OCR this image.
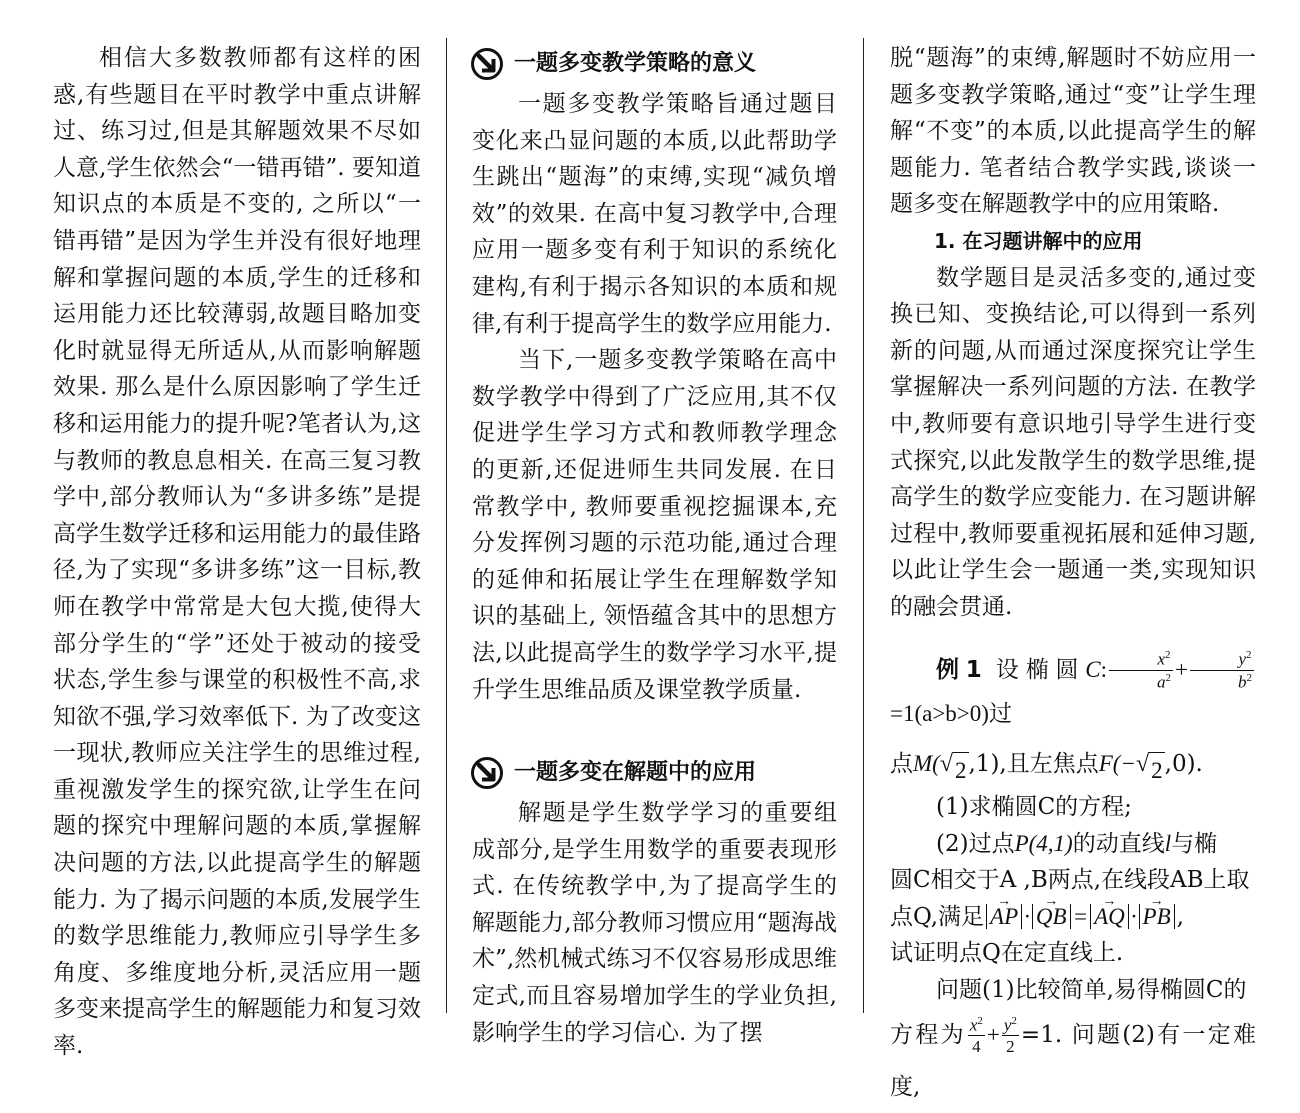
相信大多数教师都有这样的困惑,有些题目在平时教学中重点讲解过、练习过,但是其解题效果不尽如人意,学生依然会“一错再错”. 要知道知识点的本质是不变的, 之所以“一错再错”是因为学生并没有很好地理解和掌握问题的本质,学生的迁移和运用能力还比较薄弱,故题目略加变化时就显得无所适从,从而影响解题效果. 那么是什么原因影响了学生迁移和运用能力的提升呢?笔者认为,这与教师的教息息相关. 在高三复习教学中,部分教师认为“多讲多练”是提高学生数学迁移和运用能力的最佳路径,为了实现“多讲多练”这一目标,教师在教学中常常是大包大揽,使得大部分学生的“学”还处于被动的接受状态,学生参与课堂的积极性不高,求知欲不强,学习效率低下. 为了改变这一现状,教师应关注学生的思维过程,重视激发学生的探究欲,让学生在问题的探究中理解问题的本质,掌握解决问题的方法,以此提高学生的解题能力. 为了揭示问题的本质,发展学生的数学思维能力,教师应引导学生多角度、多维度地分析,灵活应用一题多变来提高学生的解题能力和复习效率.

一题多变教学策略的意义

一题多变教学策略旨通过题目变化来凸显问题的本质,以此帮助学生跳出“题海”的束缚,实现“减负增效”的效果. 在高中复习教学中,合理应用一题多变有利于知识的系统化建构,有利于揭示各知识的本质和规律,有利于提高学生的数学应用能力.

当下,一题多变教学策略在高中数学教学中得到了广泛应用,其不仅促进学生学习方式和教师教学理念的更新,还促进师生共同发展. 在日常教学中, 教师要重视挖掘课本,充分发挥例习题的示范功能,通过合理的延伸和拓展让学生在理解数学知识的基础上, 领悟蕴含其中的思想方法,以此提高学生的数学学习水平,提升学生思维品质及课堂教学质量.

一题多变在解题中的应用

解题是学生数学学习的重要组成部分,是学生用数学的重要表现形式. 在传统教学中,为了提高学生的解题能力,部分教师习惯应用“题海战术”,然机械式练习不仅容易形成思维定式,而且容易增加学生的学业负担,影响学生的学习信心. 为了摆

脱“题海”的束缚,解题时不妨应用一题多变教学策略,通过“变”让学生理解“不变”的本质,以此提高学生的解题能力. 笔者结合教学实践,谈谈一题多变在解题教学中的应用策略.

1. 在习题讲解中的应用

数学题目是灵活多变的,通过变换已知、变换结论,可以得到一系列新的问题,从而通过深度探究让学生掌握解决一系列问题的方法. 在教学中,教师要有意识地引导学生进行变式探究,以此发散学生的数学思维,提高学生的数学应变能力. 在习题讲解过程中,教师要重视拓展和延伸习题, 以此让学生会一题通一类,实现知识的融会贯通.

例1 设椭圆C: $\frac{x^2}{a^2} + \frac{y^2}{b^2}$
=1(a>b>0)过

点M( √ 2 ,1),且左焦点F(− √ 2 ,0).

(1)求椭圆C的方程;

(2)过点P(4,1)的动直线l与椭

圆C相交于A ,B两点,在线段AB上取

点Q,满足 → AP · → QB = → AQ · → PB ,

试证明点Q在定直线上.

问题(1)比较简单,易得椭圆C的

方程为 $\frac{x^2}{4} + \frac{y^2}{2} =1$. 问题(2)有一定难度,
